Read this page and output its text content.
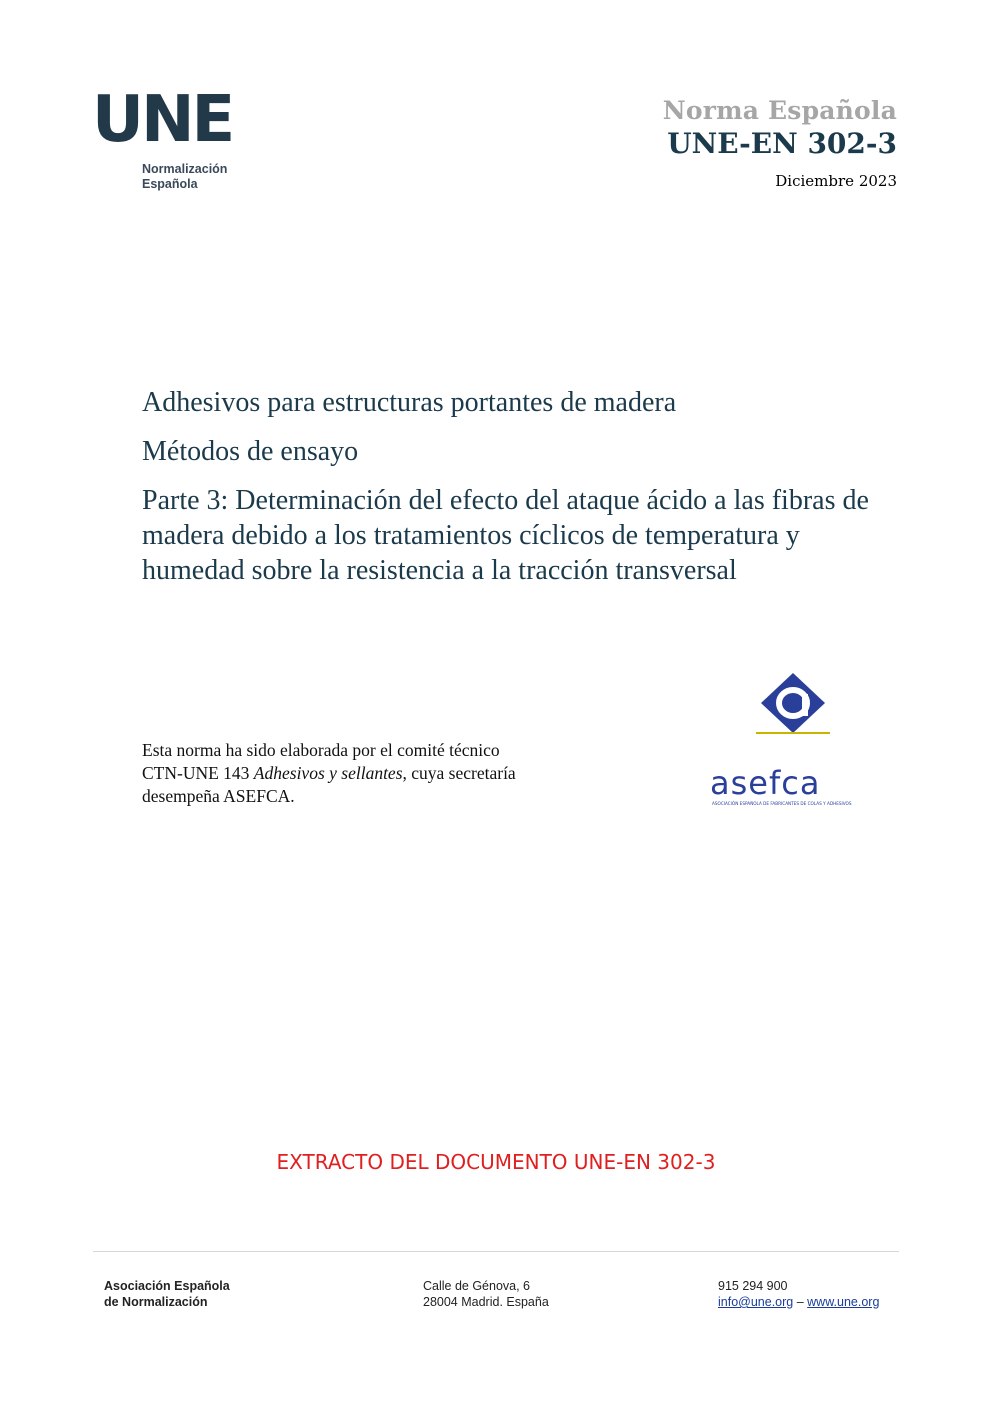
UNE
Normalización
Española
Norma Española
UNE-EN 302-3
Diciembre 2023
Adhesivos para estructuras portantes de madera
Métodos de ensayo
Parte 3: Determinación del efecto del ataque ácido a las fibras de madera debido a los tratamientos cíclicos de temperatura y humedad sobre la resistencia a la tracción transversal
Esta norma ha sido elaborada por el comité técnico
CTN-UNE 143 Adhesivos y sellantes, cuya secretaría
desempeña ASEFCA.	asefca
ASOCIACIÓN ESPAÑOLA DE FABRICANTES DE COLAS Y ADHESIVOS
EXTRACTO DEL DOCUMENTO UNE-EN 302-3
Asociación Española
de Normalización
Calle de Génova, 6
28004 Madrid. España
915 294 900
info@une.org – www.une.org
